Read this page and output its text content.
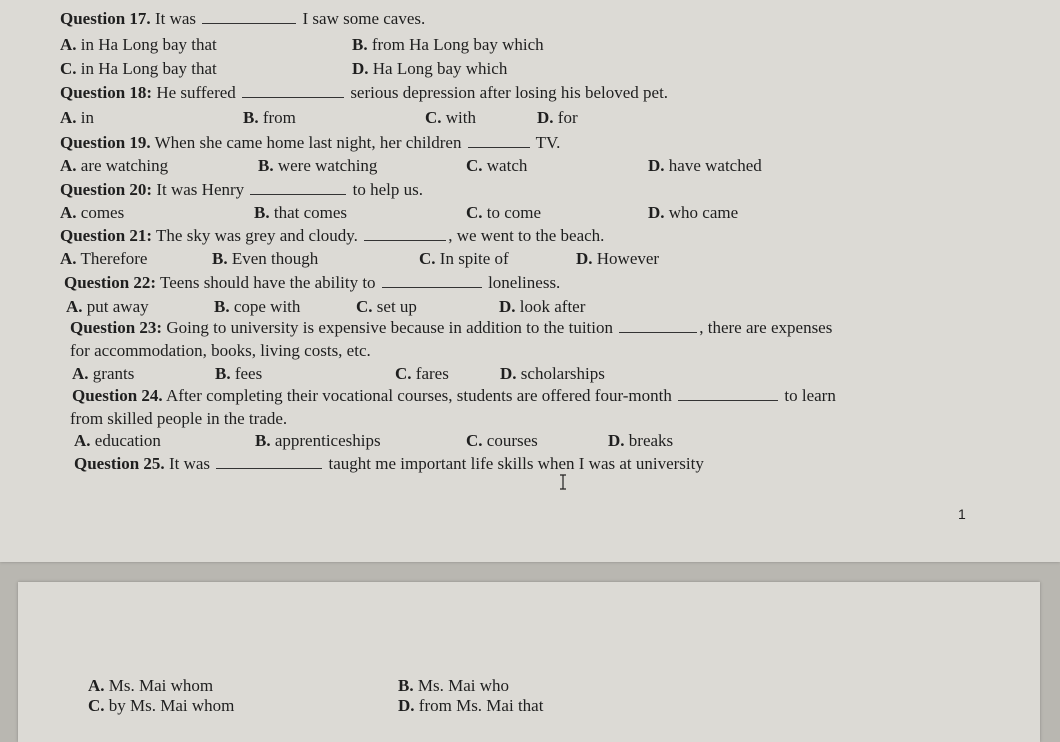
Question 17. It was	I saw some caves.
A. in Ha Long bay that	B. from Ha Long bay which
C. in Ha Long bay that	D. Ha Long bay which
Question 18: He suffered	serious depression after losing his beloved pet.
A. in	B. from	C. with	D. for
Question 19. When she came home last night, her children	TV.
A. are watching	B. were watching	C. watch	D. have watched
Question 20: It was Henry	to help us.
A. comes	B. that comes	C. to come	D. who came
Question 21: The sky was grey and cloudy.	, we went to the beach.
A. Therefore	B. Even though	C. In spite of	D. However
Question 22: Teens should have the ability to	loneliness.
A. put away	B. cope with	C. set up	D. look after
Question 23: Going to university is expensive because in addition to the tuition	, there are expenses
for accommodation, books, living costs, etc.
A. grants	B. fees	C. fares	D. scholarships
Question 24. After completing their vocational courses, students are offered four-month	to learn
from skilled people in the trade.
A. education	B. apprenticeships	C. courses	D. breaks
Question 25. It was	taught me important life skills when I was at university
1
A. Ms. Mai whom	B. Ms. Mai who
C. by Ms. Mai whom	D. from Ms. Mai that
